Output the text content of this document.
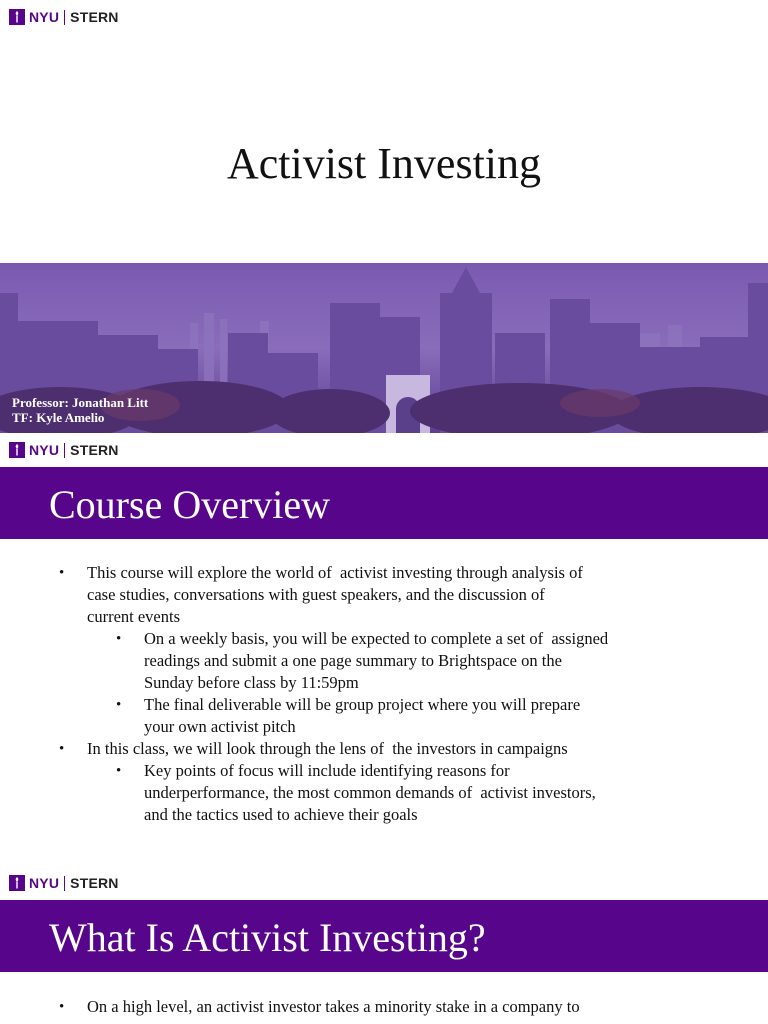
NYU STERN
Activist Investing
Professor: Jonathan Litt
TF: Kyle Amelio
NYU STERN
Course Overview
• This course will explore the world of  activist investing through analysis of
case studies, conversations with guest speakers, and the discussion of
current events
• On a weekly basis, you will be expected to complete a set of  assigned
readings and submit a one page summary to Brightspace on the
Sunday before class by 11:59pm
• The final deliverable will be group project where you will prepare
your own activist pitch
• In this class, we will look through the lens of  the investors in campaigns
• Key points of focus will include identifying reasons for
underperformance, the most common demands of  activist investors,
and the tactics used to achieve their goals
NYU STERN
What Is Activist Investing?
• On a high level, an activist investor takes a minority stake in a company to
